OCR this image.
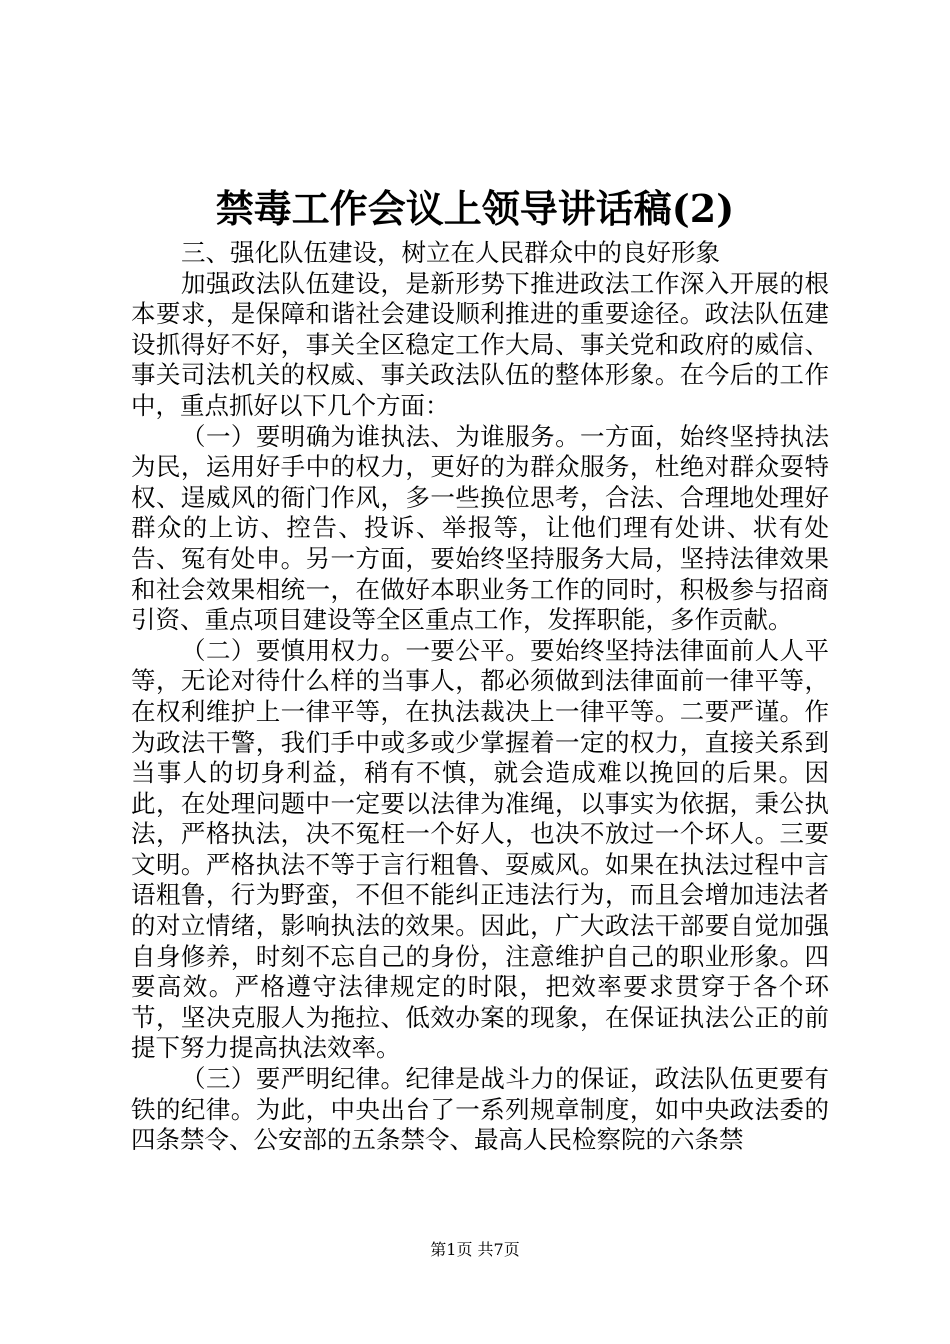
禁毒工作会议上领导讲话稿(2)

三、强化队伍建设，树立在人民群众中的良好形象

加强政法队伍建设，是新形势下推进政法工作深入开展的根本要求，是保障和谐社会建设顺利推进的重要途径。政法队伍建设抓得好不好，事关全区稳定工作大局、事关党和政府的威信、事关司法机关的权威、事关政法队伍的整体形象。在今后的工作中，重点抓好以下几个方面：

（一）要明确为谁执法、为谁服务。一方面，始终坚持执法为民，运用好手中的权力，更好的为群众服务，杜绝对群众耍特权、逞威风的衙门作风，多一些换位思考，合法、合理地处理好群众的上访、控告、投诉、举报等，让他们理有处讲、状有处告、冤有处申。另一方面，要始终坚持服务大局，坚持法律效果和社会效果相统一，在做好本职业务工作的同时，积极参与招商引资、重点项目建设等全区重点工作，发挥职能，多作贡献。

（二）要慎用权力。一要公平。要始终坚持法律面前人人平等，无论对待什么样的当事人，都必须做到法律面前一律平等，在权利维护上一律平等，在执法裁决上一律平等。二要严谨。作为政法干警，我们手中或多或少掌握着一定的权力，直接关系到当事人的切身利益，稍有不慎，就会造成难以挽回的后果。因此，在处理问题中一定要以法律为准绳，以事实为依据，秉公执法，严格执法，决不冤枉一个好人，也决不放过一个坏人。三要文明。严格执法不等于言行粗鲁、耍威风。如果在执法过程中言语粗鲁，行为野蛮，不但不能纠正违法行为，而且会增加违法者的对立情绪，影响执法的效果。因此，广大政法干部要自觉加强自身修养，时刻不忘自己的身份，注意维护自己的职业形象。四要高效。严格遵守法律规定的时限，把效率要求贯穿于各个环节，坚决克服人为拖拉、低效办案的现象，在保证执法公正的前提下努力提高执法效率。

（三）要严明纪律。纪律是战斗力的保证，政法队伍更要有铁的纪律。为此，中央出台了一系列规章制度，如中央政法委的四条禁令、公安部的五条禁令、最高人民检察院的六条禁

第1页 共7页
